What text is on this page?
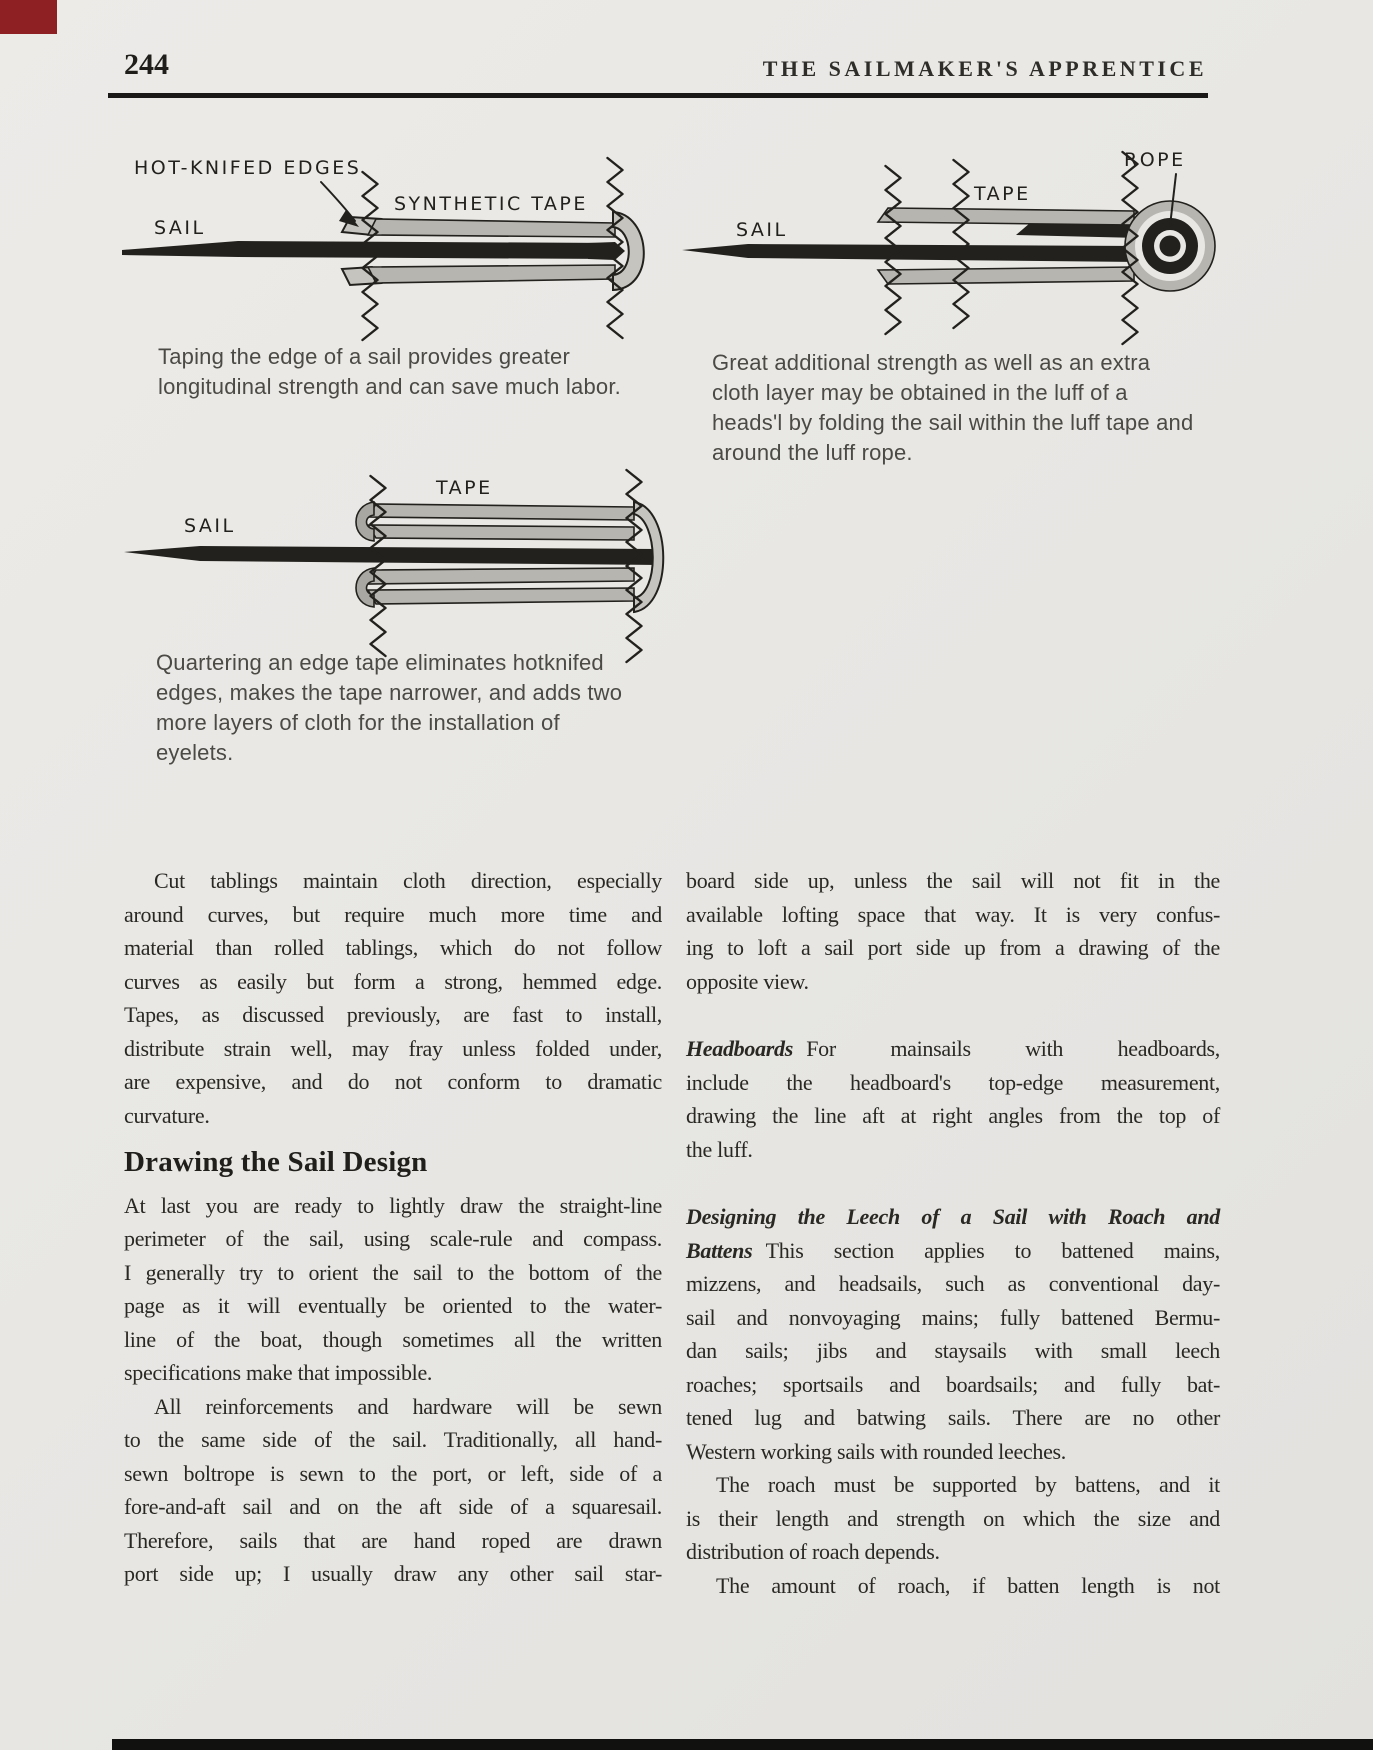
244	THE SAILMAKER'S APPRENTICE
HOT-KNIFED EDGES
SYNTHETIC TAPE
SAIL
Taping the edge of a sail provides greater
longitudinal strength and can save much labor.
TAPE
ROPE
SAIL
Great additional strength as well as an extra
cloth layer may be obtained in the luff of a
heads'l by folding the sail within the luff tape and
around the luff rope.
SAIL
TAPE
Quartering an edge tape eliminates hotknifed
edges, makes the tape narrower, and adds two
more layers of cloth for the installation of
eyelets.
Cut tablings maintain cloth direction, especially
around curves, but require much more time and
material than rolled tablings, which do not follow
curves as easily but form a strong, hemmed edge.
Tapes, as discussed previously, are fast to install,
distribute strain well, may fray unless folded under,
are expensive, and do not conform to dramatic
curvature.
Drawing the Sail Design
At last you are ready to lightly draw the straight-line
perimeter of the sail, using scale-rule and compass.
I generally try to orient the sail to the bottom of the
page as it will eventually be oriented to the water-
line of the boat, though sometimes all the written
specifications make that impossible.
All reinforcements and hardware will be sewn
to the same side of the sail. Traditionally, all hand-
sewn boltrope is sewn to the port, or left, side of a
fore-and-aft sail and on the aft side of a squaresail.
Therefore, sails that are hand roped are drawn
port side up; I usually draw any other sail star-
board side up, unless the sail will not fit in the
available lofting space that way. It is very confus-
ing to loft a sail port side up from a drawing of the
opposite view.
Headboards For mainsails with headboards,
include the headboard's top-edge measurement,
drawing the line aft at right angles from the top of
the luff.
Designing the Leech of a Sail with Roach and
Battens This section applies to battened mains,
mizzens, and headsails, such as conventional day-
sail and nonvoyaging mains; fully battened Bermu-
dan sails; jibs and staysails with small leech
roaches; sportsails and boardsails; and fully bat-
tened lug and batwing sails. There are no other
Western working sails with rounded leeches.
The roach must be supported by battens, and it
is their length and strength on which the size and
distribution of roach depends.
The amount of roach, if batten length is not
